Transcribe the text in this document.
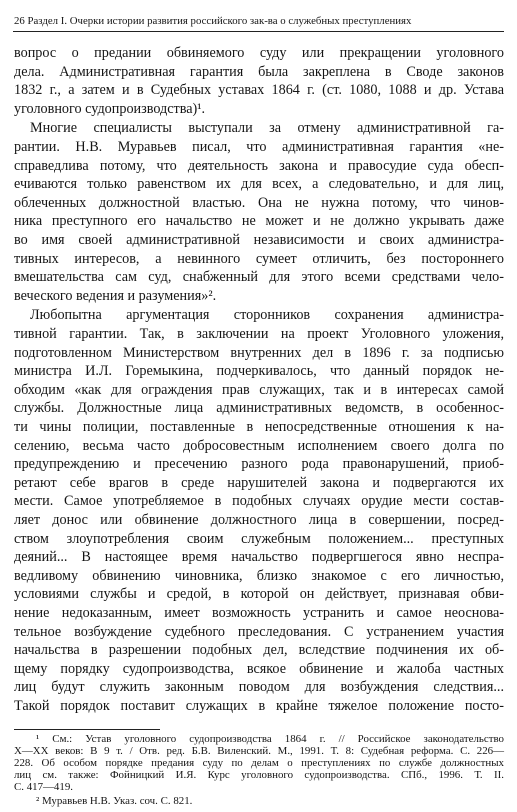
26 Раздел I. Очерки истории развития российского зак-ва о служебных преступлениях
вопрос о предании обвиняемого суду или прекращении уголовного
дела. Административная гарантия была закреплена в Своде законов
1832 г., а затем и в Судебных уставах 1864 г. (ст. 1080, 1088 и др. Устава
уголовного судопроизводства)¹.
Многие специалисты выступали за отмену административной га-
рантии. Н.В. Муравьев писал, что административная гарантия «не-
справедлива потому, что деятельность закона и правосудие суда обесп-
ечиваются только равенством их для всех, а следовательно, и для лиц,
облеченных должностной властью. Она не нужна потому, что чинов-
ника преступного его начальство не может и не должно укрывать даже
во имя своей административной независимости и своих администра-
тивных интересов, а невинного сумеет отличить, без постороннего
вмешательства сам суд, снабженный для этого всеми средствами чело-
веческого ведения и разумения»².
Любопытна аргументация сторонников сохранения администра-
тивной гарантии. Так, в заключении на проект Уголовного уложения,
подготовленном Министерством внутренних дел в 1896 г. за подписью
министра И.Л. Горемыкина, подчеркивалось, что данный порядок не-
обходим «как для ограждения прав служащих, так и в интересах самой
службы. Должностные лица административных ведомств, в особеннос-
ти чины полиции, поставленные в непосредственные отношения к на-
селению, весьма часто добросовестным исполнением своего долга по
предупреждению и пресечению разного рода правонарушений, приоб-
ретают себе врагов в среде нарушителей закона и подвергаются их
мести. Самое употребляемое в подобных случаях орудие мести состав-
ляет донос или обвинение должностного лица в совершении, посред-
ством злоупотребления своим служебным положением... преступных
деяний... В настоящее время начальство подвергшегося явно неспра-
ведливому обвинению чиновника, близко знакомое с его личностью,
условиями службы и средой, в которой он действует, признавая обви-
нение недоказанным, имеет возможность устранить и самое неоснова-
тельное возбуждение судебного преследования. С устранением участия
начальства в разрешении подобных дел, вследствие подчинения их об-
щему порядку судопроизводства, всякое обвинение и жалоба частных
лиц будут служить законным поводом для возбуждения следствия...
Такой порядок поставит служащих в крайне тяжелое положение посто-
¹ См.: Устав уголовного судопроизводства 1864 г. // Российское законодательство
X—XX веков: В 9 т. / Отв. ред. Б.В. Виленский. М., 1991. Т. 8: Судебная реформа. С. 226—
228. Об особом порядке предания суду по делам о преступлениях по службе должностных
лиц см. также: Фойницкий И.Я. Курс уголовного судопроизводства. СПб., 1996. Т. II.
С. 417—419.
² Муравьев Н.В. Указ. соч. С. 821.
